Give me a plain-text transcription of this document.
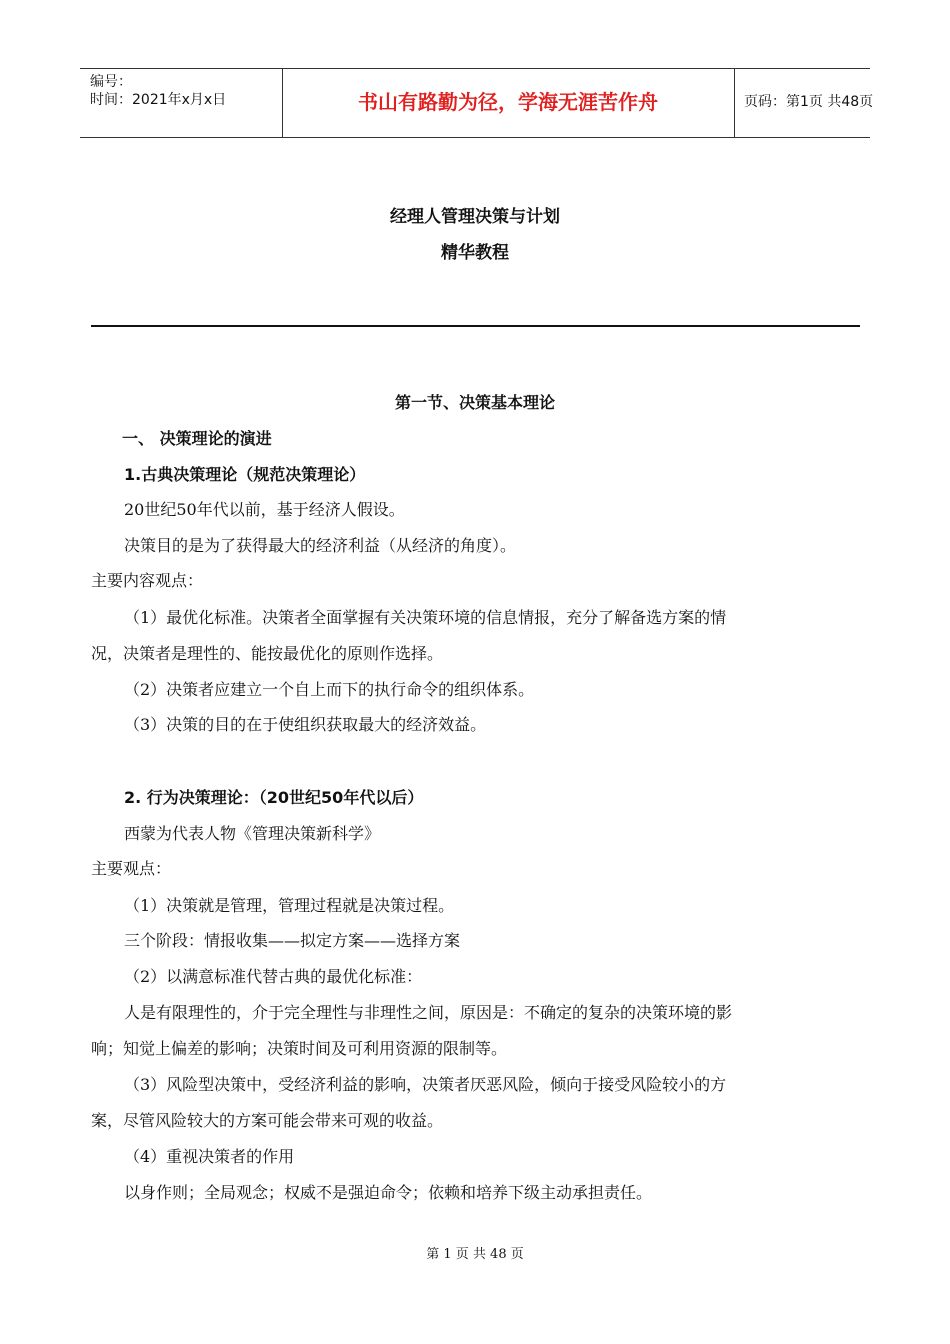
编号：
时间：2021年x月x日	书山有路勤为径，学海无涯苦作舟	页码：第1页 共48页
经理人管理决策与计划
精华教程
第一节、决策基本理论
一、 决策理论的演进
1.古典决策理论（规范决策理论）
20世纪50年代以前，基于经济人假设。
决策目的是为了获得最大的经济利益（从经济的角度）。
主要内容观点：
（1）最优化标准。决策者全面掌握有关决策环境的信息情报，充分了解备选方案的情
况，决策者是理性的、能按最优化的原则作选择。
（2）决策者应建立一个自上而下的执行命令的组织体系。
（3）决策的目的在于使组织获取最大的经济效益。
2. 行为决策理论：（20世纪50年代以后）
西蒙为代表人物《管理决策新科学》
主要观点：
（1）决策就是管理，管理过程就是决策过程。
三个阶段：情报收集——拟定方案——选择方案
（2）以满意标准代替古典的最优化标准：
人是有限理性的，介于完全理性与非理性之间，原因是：不确定的复杂的决策环境的影
响；知觉上偏差的影响；决策时间及可利用资源的限制等。
（3）风险型决策中，受经济利益的影响，决策者厌恶风险，倾向于接受风险较小的方
案，尽管风险较大的方案可能会带来可观的收益。
（4）重视决策者的作用
以身作则；全局观念；权威不是强迫命令；依赖和培养下级主动承担责任。
第 1 页 共 48 页
